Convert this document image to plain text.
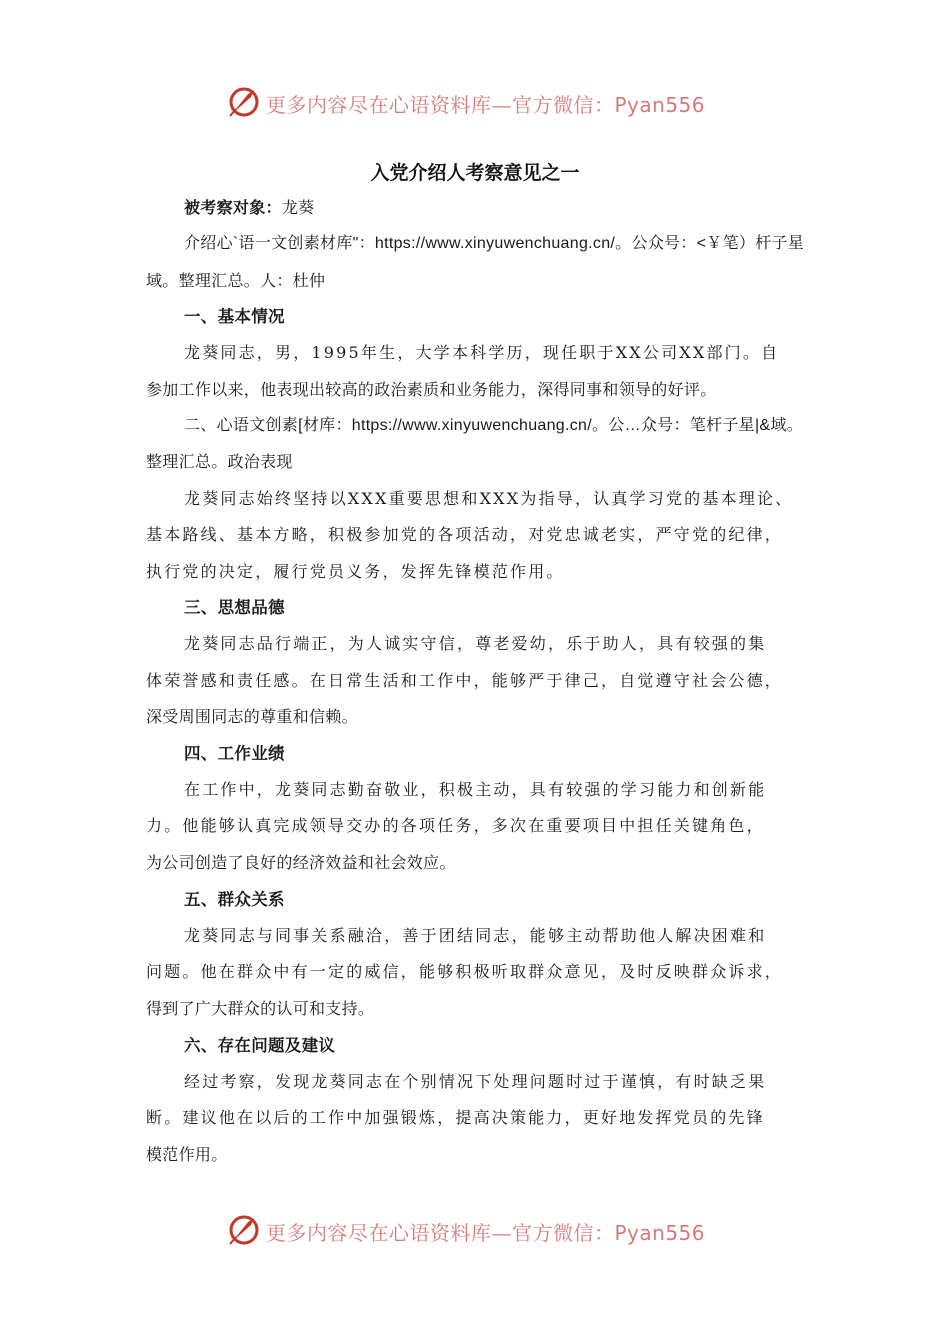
更多内容尽在心语资料库—官方微信：Pyan556
入党介绍人考察意见之一
被考察对象：龙葵
介绍心`语一文创素材库"：https://www.xinyuwenchuang.cn/。公众号：<￥笔）杆子星
域。整理汇总。人：杜仲
一、基本情况
龙葵同志，男，1995年生，大学本科学历，现任职于XX公司XX部门。自
参加工作以来，他表现出较高的政治素质和业务能力，深得同事和领导的好评。
二、心语文创素[材库：https://www.xinyuwenchuang.cn/。公…众号：笔杆子星|&域。
整理汇总。政治表现
龙葵同志始终坚持以XXX重要思想和XXX为指导，认真学习党的基本理论、
基本路线、基本方略，积极参加党的各项活动，对党忠诚老实，严守党的纪律，
执行党的决定，履行党员义务，发挥先锋模范作用。
三、思想品德
龙葵同志品行端正，为人诚实守信，尊老爱幼，乐于助人，具有较强的集
体荣誉感和责任感。在日常生活和工作中，能够严于律己，自觉遵守社会公德，
深受周围同志的尊重和信赖。
四、工作业绩
在工作中，龙葵同志勤奋敬业，积极主动，具有较强的学习能力和创新能
力。他能够认真完成领导交办的各项任务，多次在重要项目中担任关键角色，
为公司创造了良好的经济效益和社会效应。
五、群众关系
龙葵同志与同事关系融洽，善于团结同志，能够主动帮助他人解决困难和
问题。他在群众中有一定的威信，能够积极听取群众意见，及时反映群众诉求，
得到了广大群众的认可和支持。
六、存在问题及建议
经过考察，发现龙葵同志在个别情况下处理问题时过于谨慎，有时缺乏果
断。建议他在以后的工作中加强锻炼，提高决策能力，更好地发挥党员的先锋
模范作用。
更多内容尽在心语资料库—官方微信：Pyan556
